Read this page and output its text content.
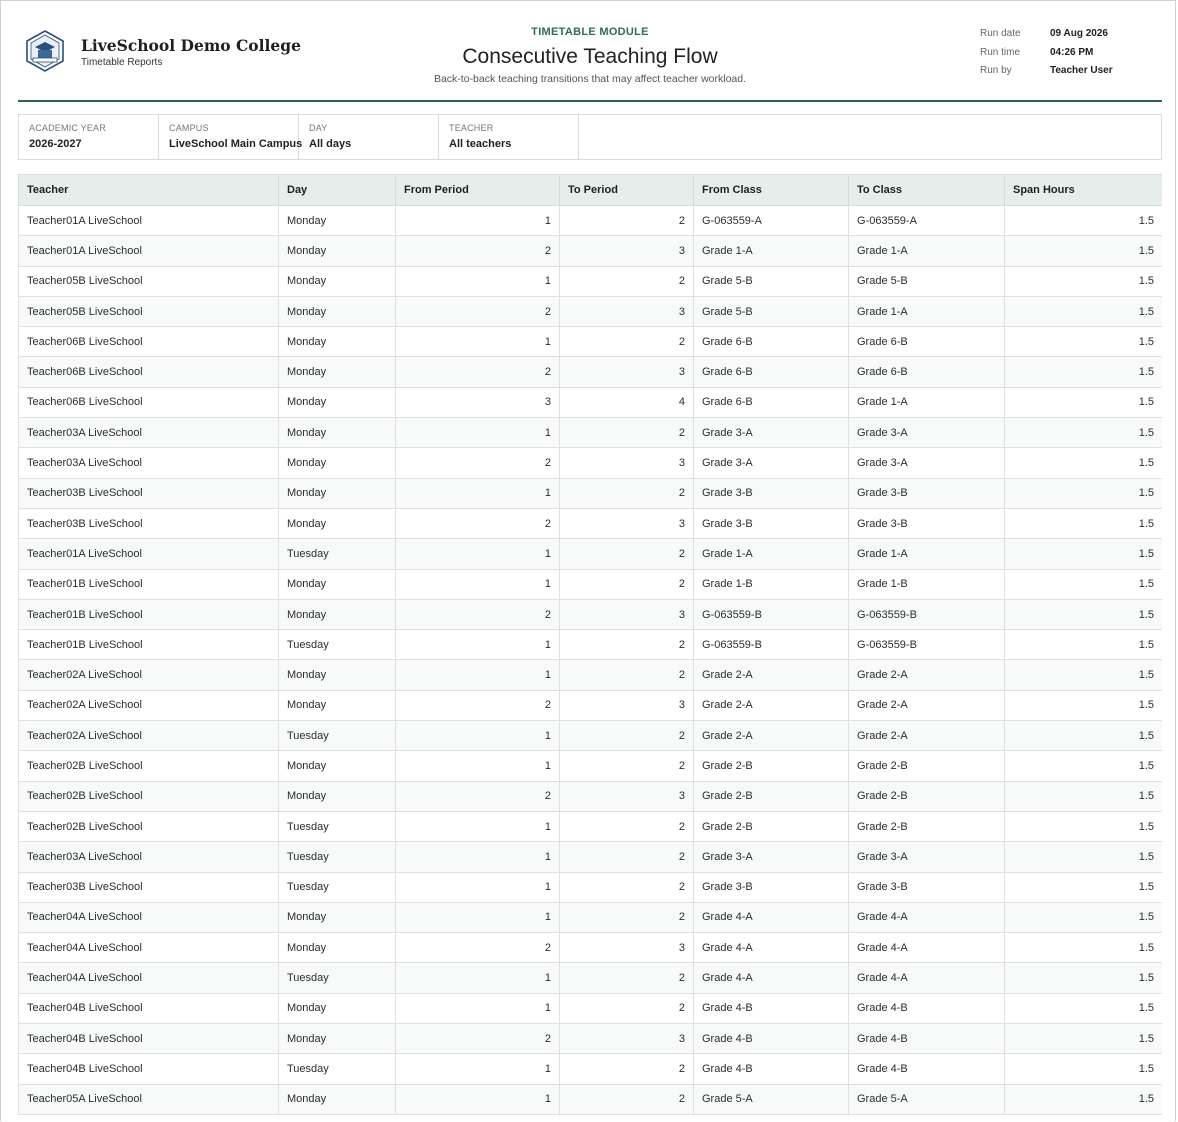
LiveSchool Demo College
Timetable Reports
TIMETABLE MODULE
Consecutive Teaching Flow
Back-to-back teaching transitions that may affect teacher workload.
Run date	09 Aug 2026
Run time	04:26 PM
Run by	Teacher User
ACADEMIC YEAR
2026-2027
CAMPUS
LiveSchool Main Campus
DAY
All days
TEACHER
All teachers
Teacher	Day	From Period	To Period	From Class	To Class	Span Hours
Teacher01A LiveSchool	Monday	1	2	G-063559-A	G-063559-A	1.5
Teacher01A LiveSchool	Monday	2	3	Grade 1-A	Grade 1-A	1.5
Teacher05B LiveSchool	Monday	1	2	Grade 5-B	Grade 5-B	1.5
Teacher05B LiveSchool	Monday	2	3	Grade 5-B	Grade 1-A	1.5
Teacher06B LiveSchool	Monday	1	2	Grade 6-B	Grade 6-B	1.5
Teacher06B LiveSchool	Monday	2	3	Grade 6-B	Grade 6-B	1.5
Teacher06B LiveSchool	Monday	3	4	Grade 6-B	Grade 1-A	1.5
Teacher03A LiveSchool	Monday	1	2	Grade 3-A	Grade 3-A	1.5
Teacher03A LiveSchool	Monday	2	3	Grade 3-A	Grade 3-A	1.5
Teacher03B LiveSchool	Monday	1	2	Grade 3-B	Grade 3-B	1.5
Teacher03B LiveSchool	Monday	2	3	Grade 3-B	Grade 3-B	1.5
Teacher01A LiveSchool	Tuesday	1	2	Grade 1-A	Grade 1-A	1.5
Teacher01B LiveSchool	Monday	1	2	Grade 1-B	Grade 1-B	1.5
Teacher01B LiveSchool	Monday	2	3	G-063559-B	G-063559-B	1.5
Teacher01B LiveSchool	Tuesday	1	2	G-063559-B	G-063559-B	1.5
Teacher02A LiveSchool	Monday	1	2	Grade 2-A	Grade 2-A	1.5
Teacher02A LiveSchool	Monday	2	3	Grade 2-A	Grade 2-A	1.5
Teacher02A LiveSchool	Tuesday	1	2	Grade 2-A	Grade 2-A	1.5
Teacher02B LiveSchool	Monday	1	2	Grade 2-B	Grade 2-B	1.5
Teacher02B LiveSchool	Monday	2	3	Grade 2-B	Grade 2-B	1.5
Teacher02B LiveSchool	Tuesday	1	2	Grade 2-B	Grade 2-B	1.5
Teacher03A LiveSchool	Tuesday	1	2	Grade 3-A	Grade 3-A	1.5
Teacher03B LiveSchool	Tuesday	1	2	Grade 3-B	Grade 3-B	1.5
Teacher04A LiveSchool	Monday	1	2	Grade 4-A	Grade 4-A	1.5
Teacher04A LiveSchool	Monday	2	3	Grade 4-A	Grade 4-A	1.5
Teacher04A LiveSchool	Tuesday	1	2	Grade 4-A	Grade 4-A	1.5
Teacher04B LiveSchool	Monday	1	2	Grade 4-B	Grade 4-B	1.5
Teacher04B LiveSchool	Monday	2	3	Grade 4-B	Grade 4-B	1.5
Teacher04B LiveSchool	Tuesday	1	2	Grade 4-B	Grade 4-B	1.5
Teacher05A LiveSchool	Monday	1	2	Grade 5-A	Grade 5-A	1.5
